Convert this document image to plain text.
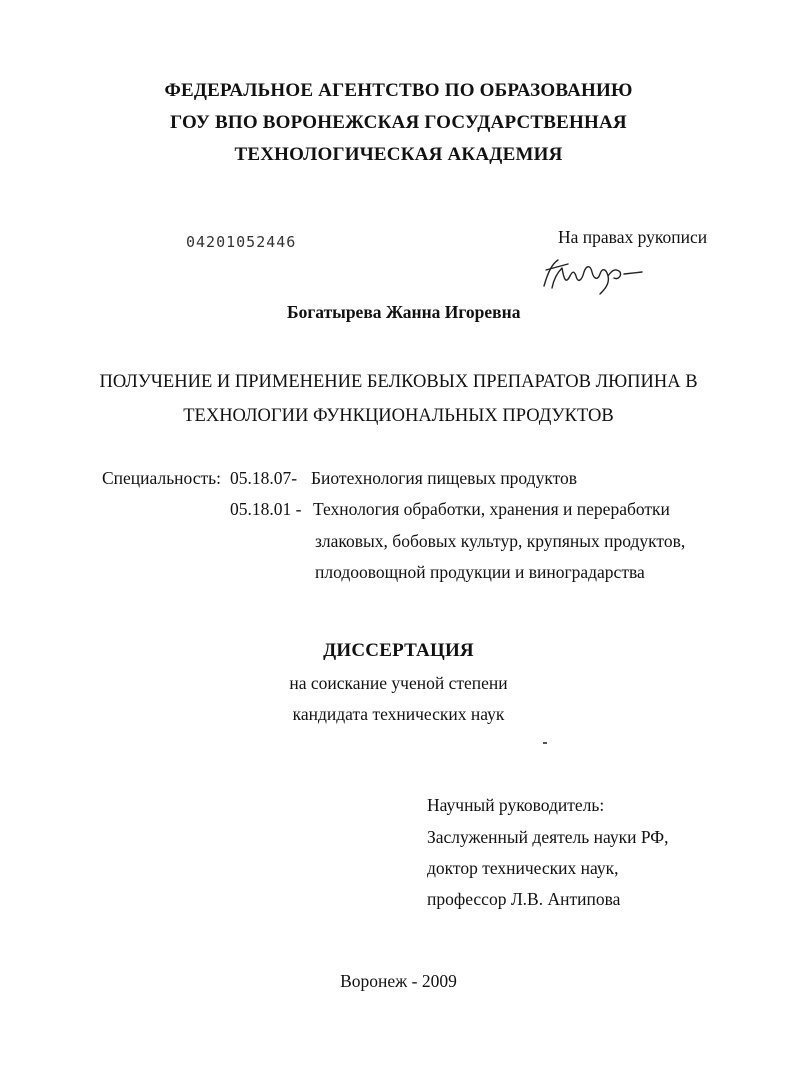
ФЕДЕРАЛЬНОЕ АГЕНТСТВО ПО ОБРАЗОВАНИЮ
ГОУ ВПО ВОРОНЕЖСКАЯ ГОСУДАРСТВЕННАЯ
ТЕХНОЛОГИЧЕСКАЯ АКАДЕМИЯ
04201052446	На правах рукописи
Богатырева Жанна Игоревна
ПОЛУЧЕНИЕ И ПРИМЕНЕНИЕ БЕЛКОВЫХ ПРЕПАРАТОВ ЛЮПИНА В
ТЕХНОЛОГИИ ФУНКЦИОНАЛЬНЫХ ПРОДУКТОВ
Специальность: 05.18.07- Биотехнология пищевых продуктов
05.18.01 - Технология обработки, хранения и переработки
злаковых, бобовых культур, крупяных продуктов,
плодоовощной продукции и виноградарства
ДИССЕРТАЦИЯ
на соискание ученой степени
кандидата технических наук
Научный руководитель:
Заслуженный деятель науки РФ,
доктор технических наук,
профессор Л.В. Антипова
Воронеж - 2009
